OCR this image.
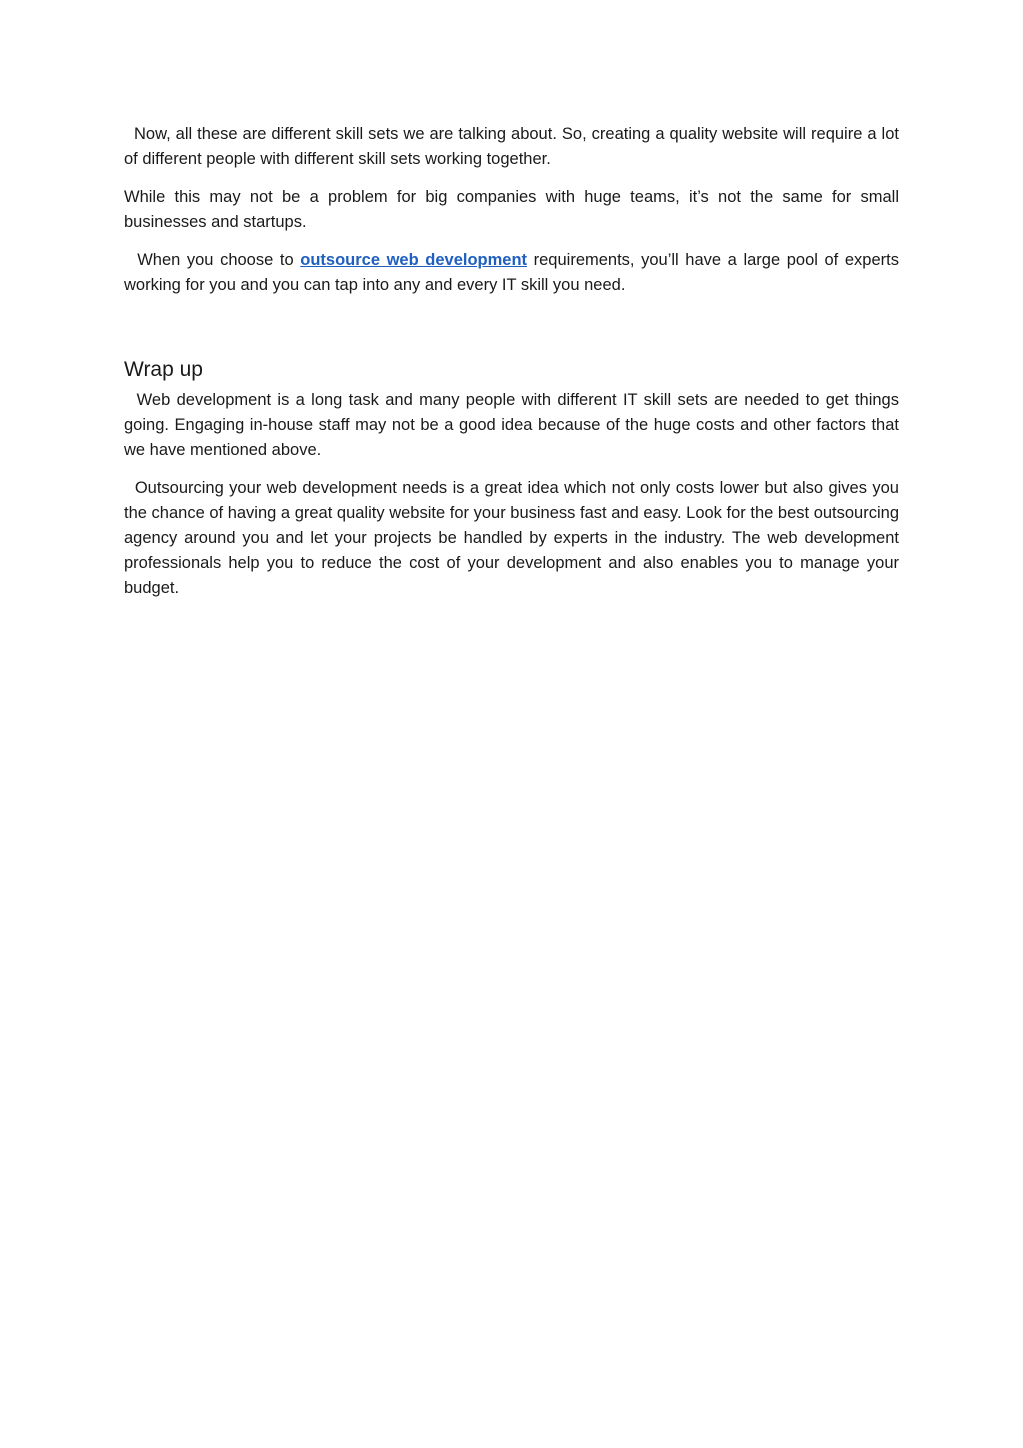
Now, all these are different skill sets we are talking about. So, creating a quality website will require a lot of different people with different skill sets working together.

While this may not be a problem for big companies with huge teams, it’s not the same for small businesses and startups.

When you choose to outsource web development requirements, you’ll have a large pool of experts working for you and you can tap into any and every IT skill you need.

Wrap up

Web development is a long task and many people with different IT skill sets are needed to get things going. Engaging in-house staff may not be a good idea because of the huge costs and other factors that we have mentioned above.

Outsourcing your web development needs is a great idea which not only costs lower but also gives you the chance of having a great quality website for your business fast and easy. Look for the best outsourcing agency around you and let your projects be handled by experts in the industry. The web development professionals help you to reduce the cost of your development and also enables you to manage your budget.
